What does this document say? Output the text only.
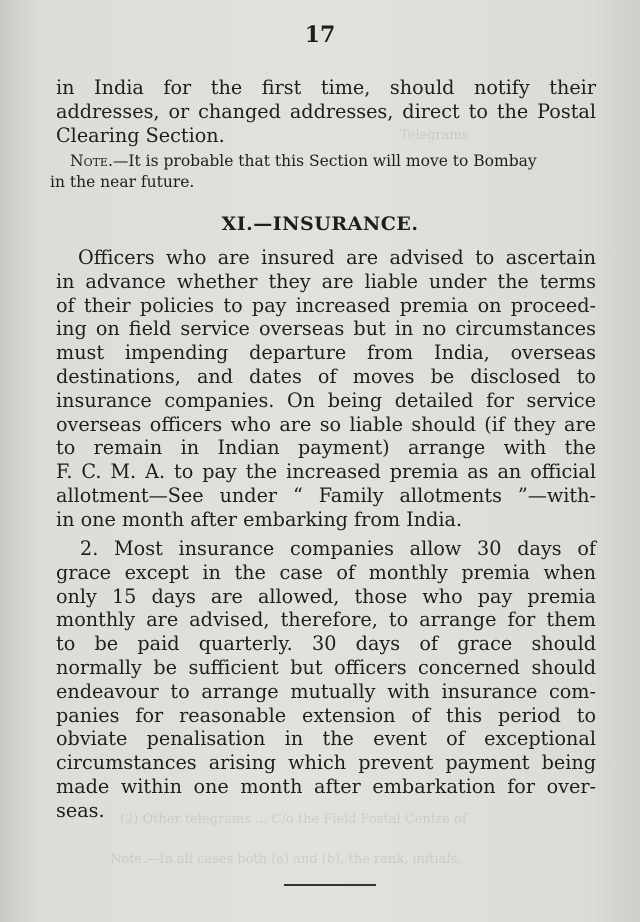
Telegrams
(2) Other telegrams ... C/o the Field Postal Centre of
Note.—In all cases both (a) and (b), the rank, initials,
17
in India for the first time, should notify their
addresses, or changed addresses, direct to the Postal
Clearing Section.
Note.—It is probable that this Section will move to Bombay
in the near future.
XI.—INSURANCE.
Officers who are insured are advised to ascertain
in advance whether they are liable under the terms
of their policies to pay increased premia on proceed-
ing on field service overseas but in no circumstances
must impending departure from India, overseas
destinations, and dates of moves be disclosed to
insurance companies. On being detailed for service
overseas officers who are so liable should (if they are
to remain in Indian payment) arrange with the
F. C. M. A. to pay the increased premia as an official
allotment—See under “ Family allotments ”—with-
in one month after embarking from India.
2. Most insurance companies allow 30 days of
grace except in the case of monthly premia when
only 15 days are allowed, those who pay premia
monthly are advised, therefore, to arrange for them
to be paid quarterly. 30 days of grace should
normally be sufficient but officers concerned should
endeavour to arrange mutually with insurance com-
panies for reasonable extension of this period to
obviate penalisation in the event of exceptional
circumstances arising which prevent payment being
made within one month after embarkation for over-
seas.
